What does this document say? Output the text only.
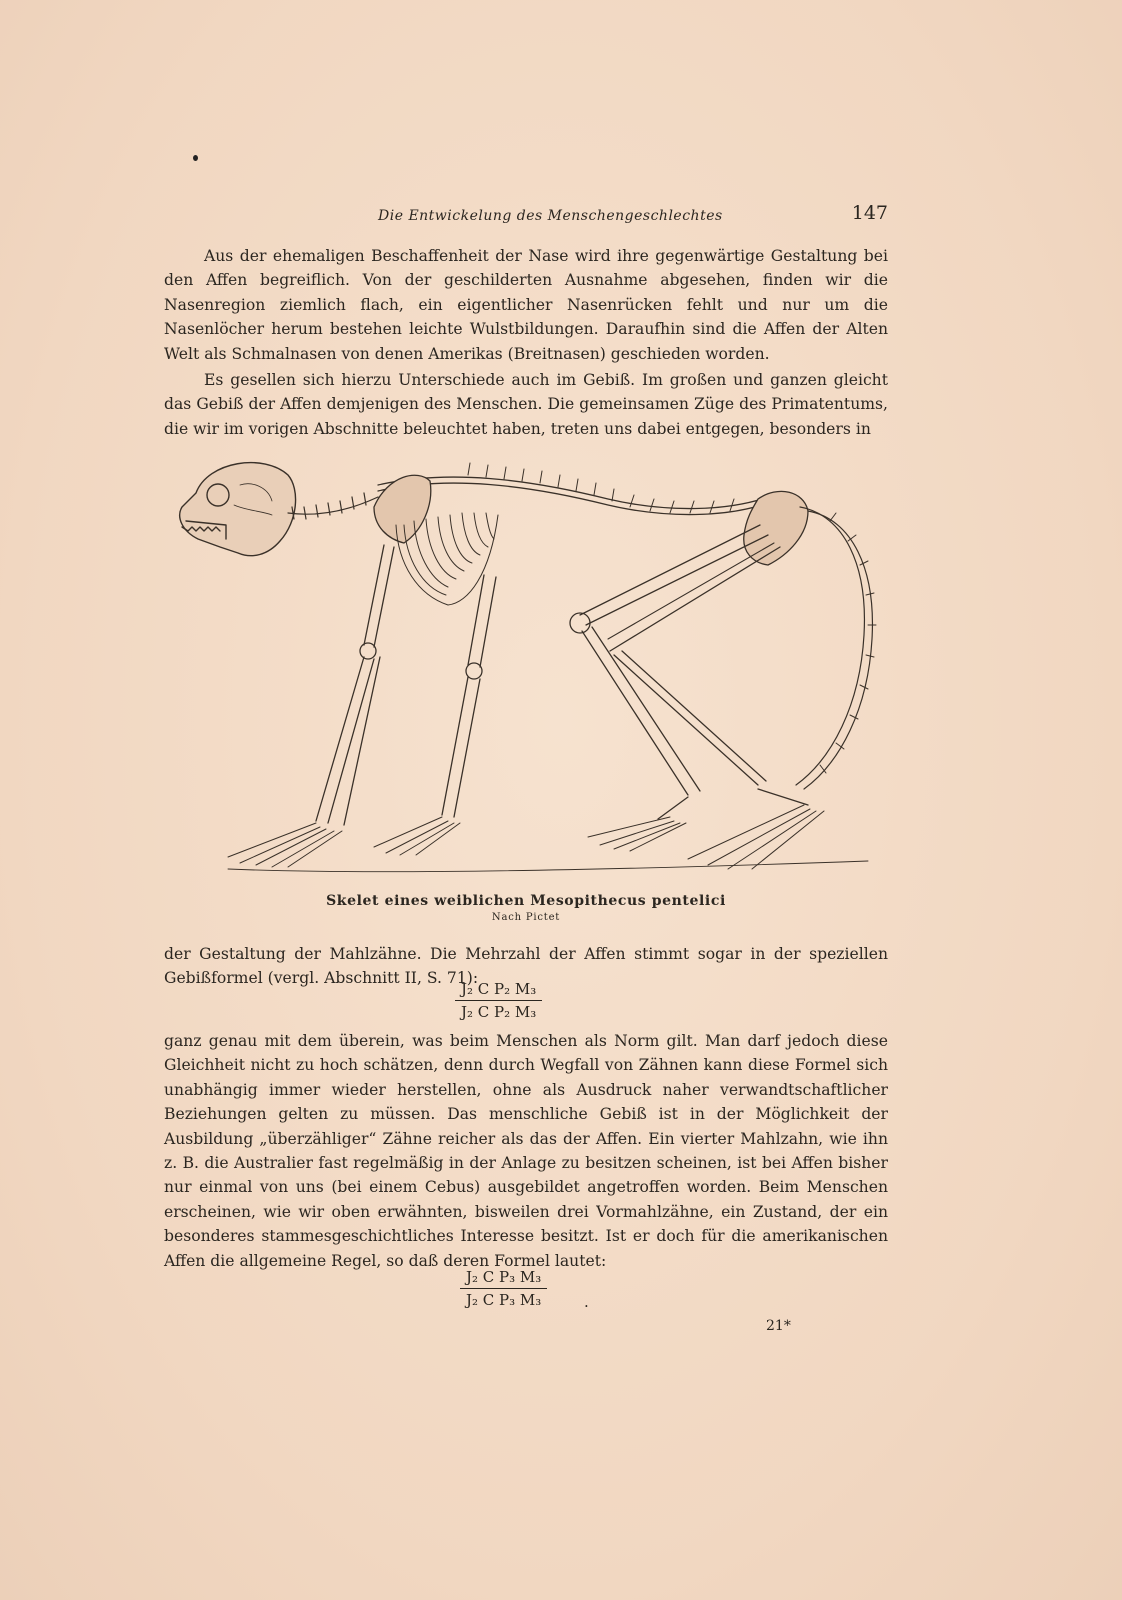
Die Entwickelung des Menschengeschlechtes	147

Aus der ehemaligen Beschaffenheit der Nase wird ihre gegenwärtige Gestaltung bei den Affen begreiflich. Von der geschilderten Ausnahme abgesehen, finden wir die Nasenregion ziemlich flach, ein eigentlicher Nasenrücken fehlt und nur um die Nasenlöcher herum bestehen leichte Wulstbildungen. Daraufhin sind die Affen der Alten Welt als Schmalnasen von denen Amerikas (Breitnasen) geschieden worden.

Es gesellen sich hierzu Unterschiede auch im Gebiß. Im großen und ganzen gleicht das Gebiß der Affen demjenigen des Menschen. Die gemeinsamen Züge des Primatentums, die wir im vorigen Abschnitte beleuchtet haben, treten uns dabei entgegen, besonders in

Skelet eines weiblichen Mesopithecus pentelici
Nach Pictet

der Gestaltung der Mahlzähne. Die Mehrzahl der Affen stimmt sogar in der speziellen Gebißformel (vergl. Abschnitt II, S. 71):

$\frac{\text{J₂ C P₂ M₃}}{\text{J₂ C P₂ M₃}}$

ganz genau mit dem überein, was beim Menschen als Norm gilt. Man darf jedoch diese Gleichheit nicht zu hoch schätzen, denn durch Wegfall von Zähnen kann diese Formel sich unabhängig immer wieder herstellen, ohne als Ausdruck naher verwandtschaftlicher Beziehungen gelten zu müssen. Das menschliche Gebiß ist in der Möglichkeit der Ausbildung „überzähliger“ Zähne reicher als das der Affen. Ein vierter Mahlzahn, wie ihn z. B. die Australier fast regelmäßig in der Anlage zu besitzen scheinen, ist bei Affen bisher nur einmal von uns (bei einem Cebus) ausgebildet angetroffen worden. Beim Menschen erscheinen, wie wir oben erwähnten, bisweilen drei Vormahlzähne, ein Zustand, der ein besonderes stammesgeschichtliches Interesse besitzt. Ist er doch für die amerikanischen Affen die allgemeine Regel, so daß deren Formel lautet:

$\frac{\text{J₂ C P₃ M₃}}{\text{J₂ C P₃ M₃}}$ .
21*
